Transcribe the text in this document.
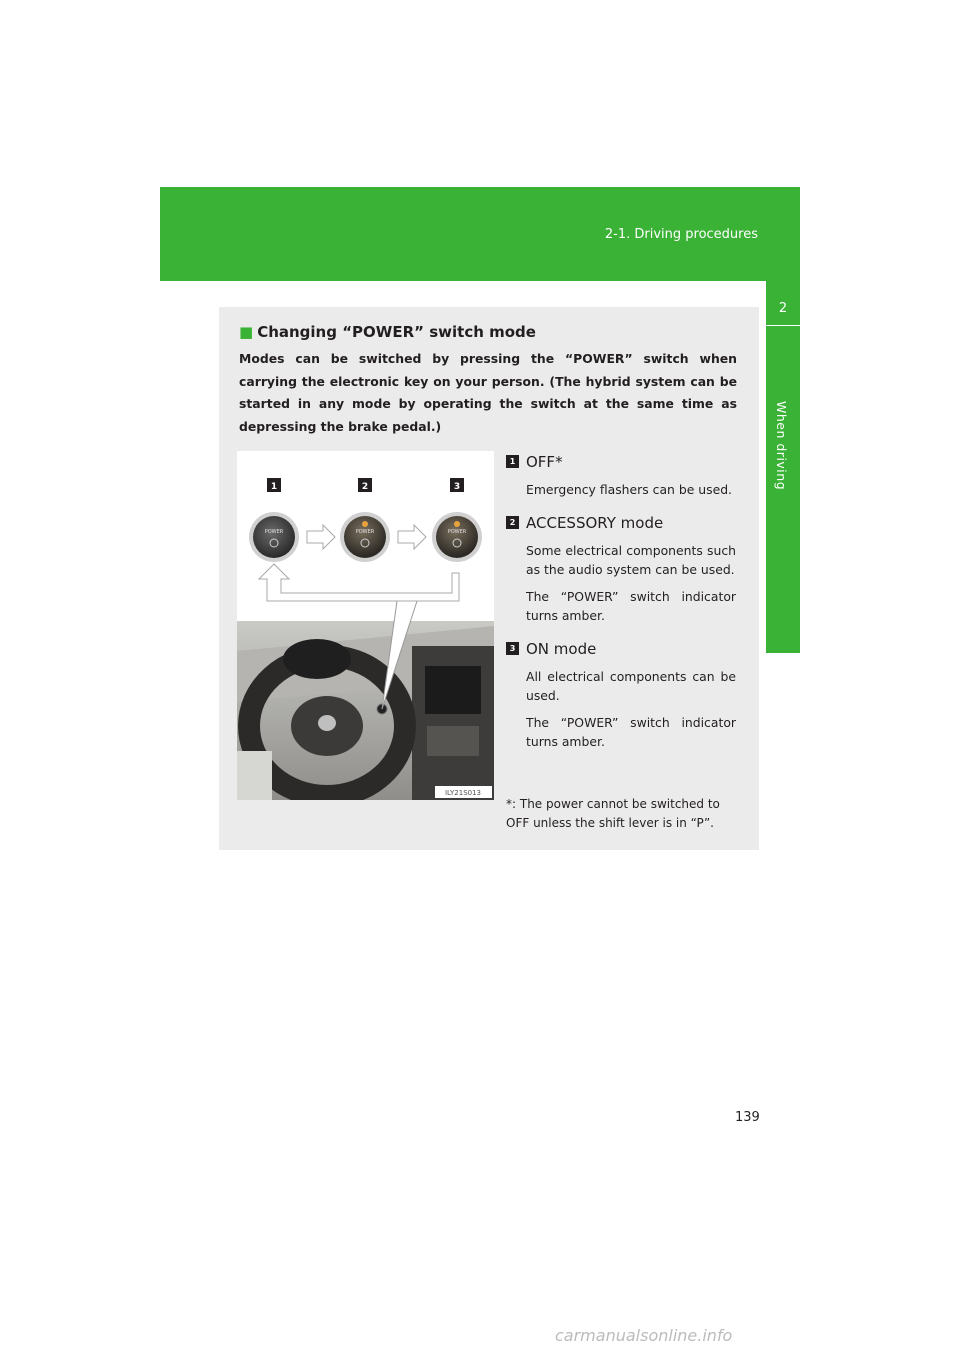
2-1. Driving procedures
2
When driving
■ Changing “POWER” switch mode
Modes can be switched by pressing the “POWER” switch when carrying the electronic key on your person. (The hybrid system can be started in any mode by operating the switch at the same time as depressing the brake pedal.)
1	2	3
POWER	POWER	POWER
ILY21S013
1 OFF*
Emergency flashers can be used.
2 ACCESSORY mode
Some electrical components such as the audio system can be used.
The “POWER” switch indicator turns amber.
3 ON mode
All electrical components can be used.
The “POWER” switch indicator turns amber.
*: The power cannot be switched to OFF unless the shift lever is in “P”.
139
carmanualsonline.info
